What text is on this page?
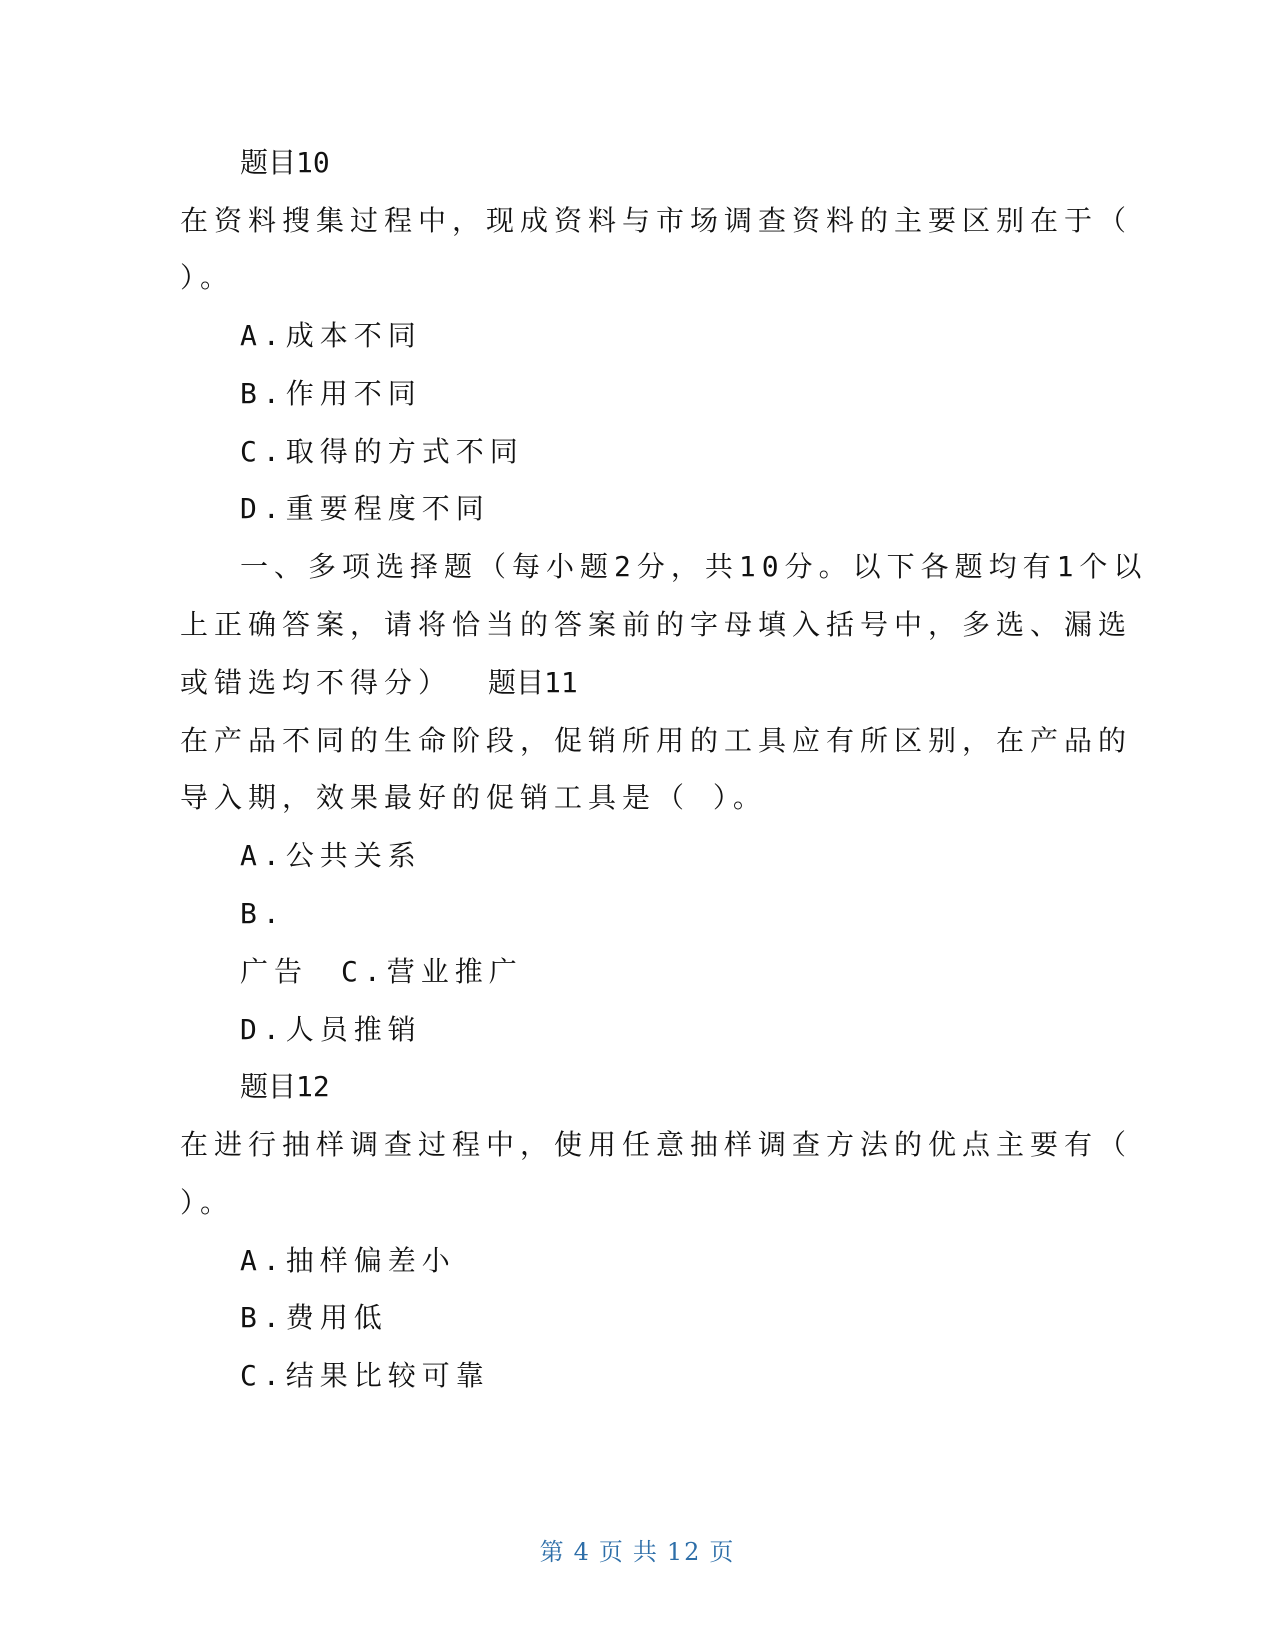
题目10

在资料搜集过程中，现成资料与市场调查资料的主要区别在于（

）。

A.成本不同

B.作用不同

C.取得的方式不同

D.重要程度不同

一、多项选择题（每小题2分，共10分。以下各题均有1个以

上正确答案，请将恰当的答案前的字母填入括号中，多选、漏选

或错选均不得分） 题目11

在产品不同的生命阶段，促销所用的工具应有所区别，在产品的

导入期，效果最好的促销工具是（ ）。

A.公共关系

B.

广告 C.营业推广

D.人员推销

题目12

在进行抽样调查过程中，使用任意抽样调查方法的优点主要有（

）。

A.抽样偏差小

B.费用低

C.结果比较可靠

第 4 页 共 12 页
